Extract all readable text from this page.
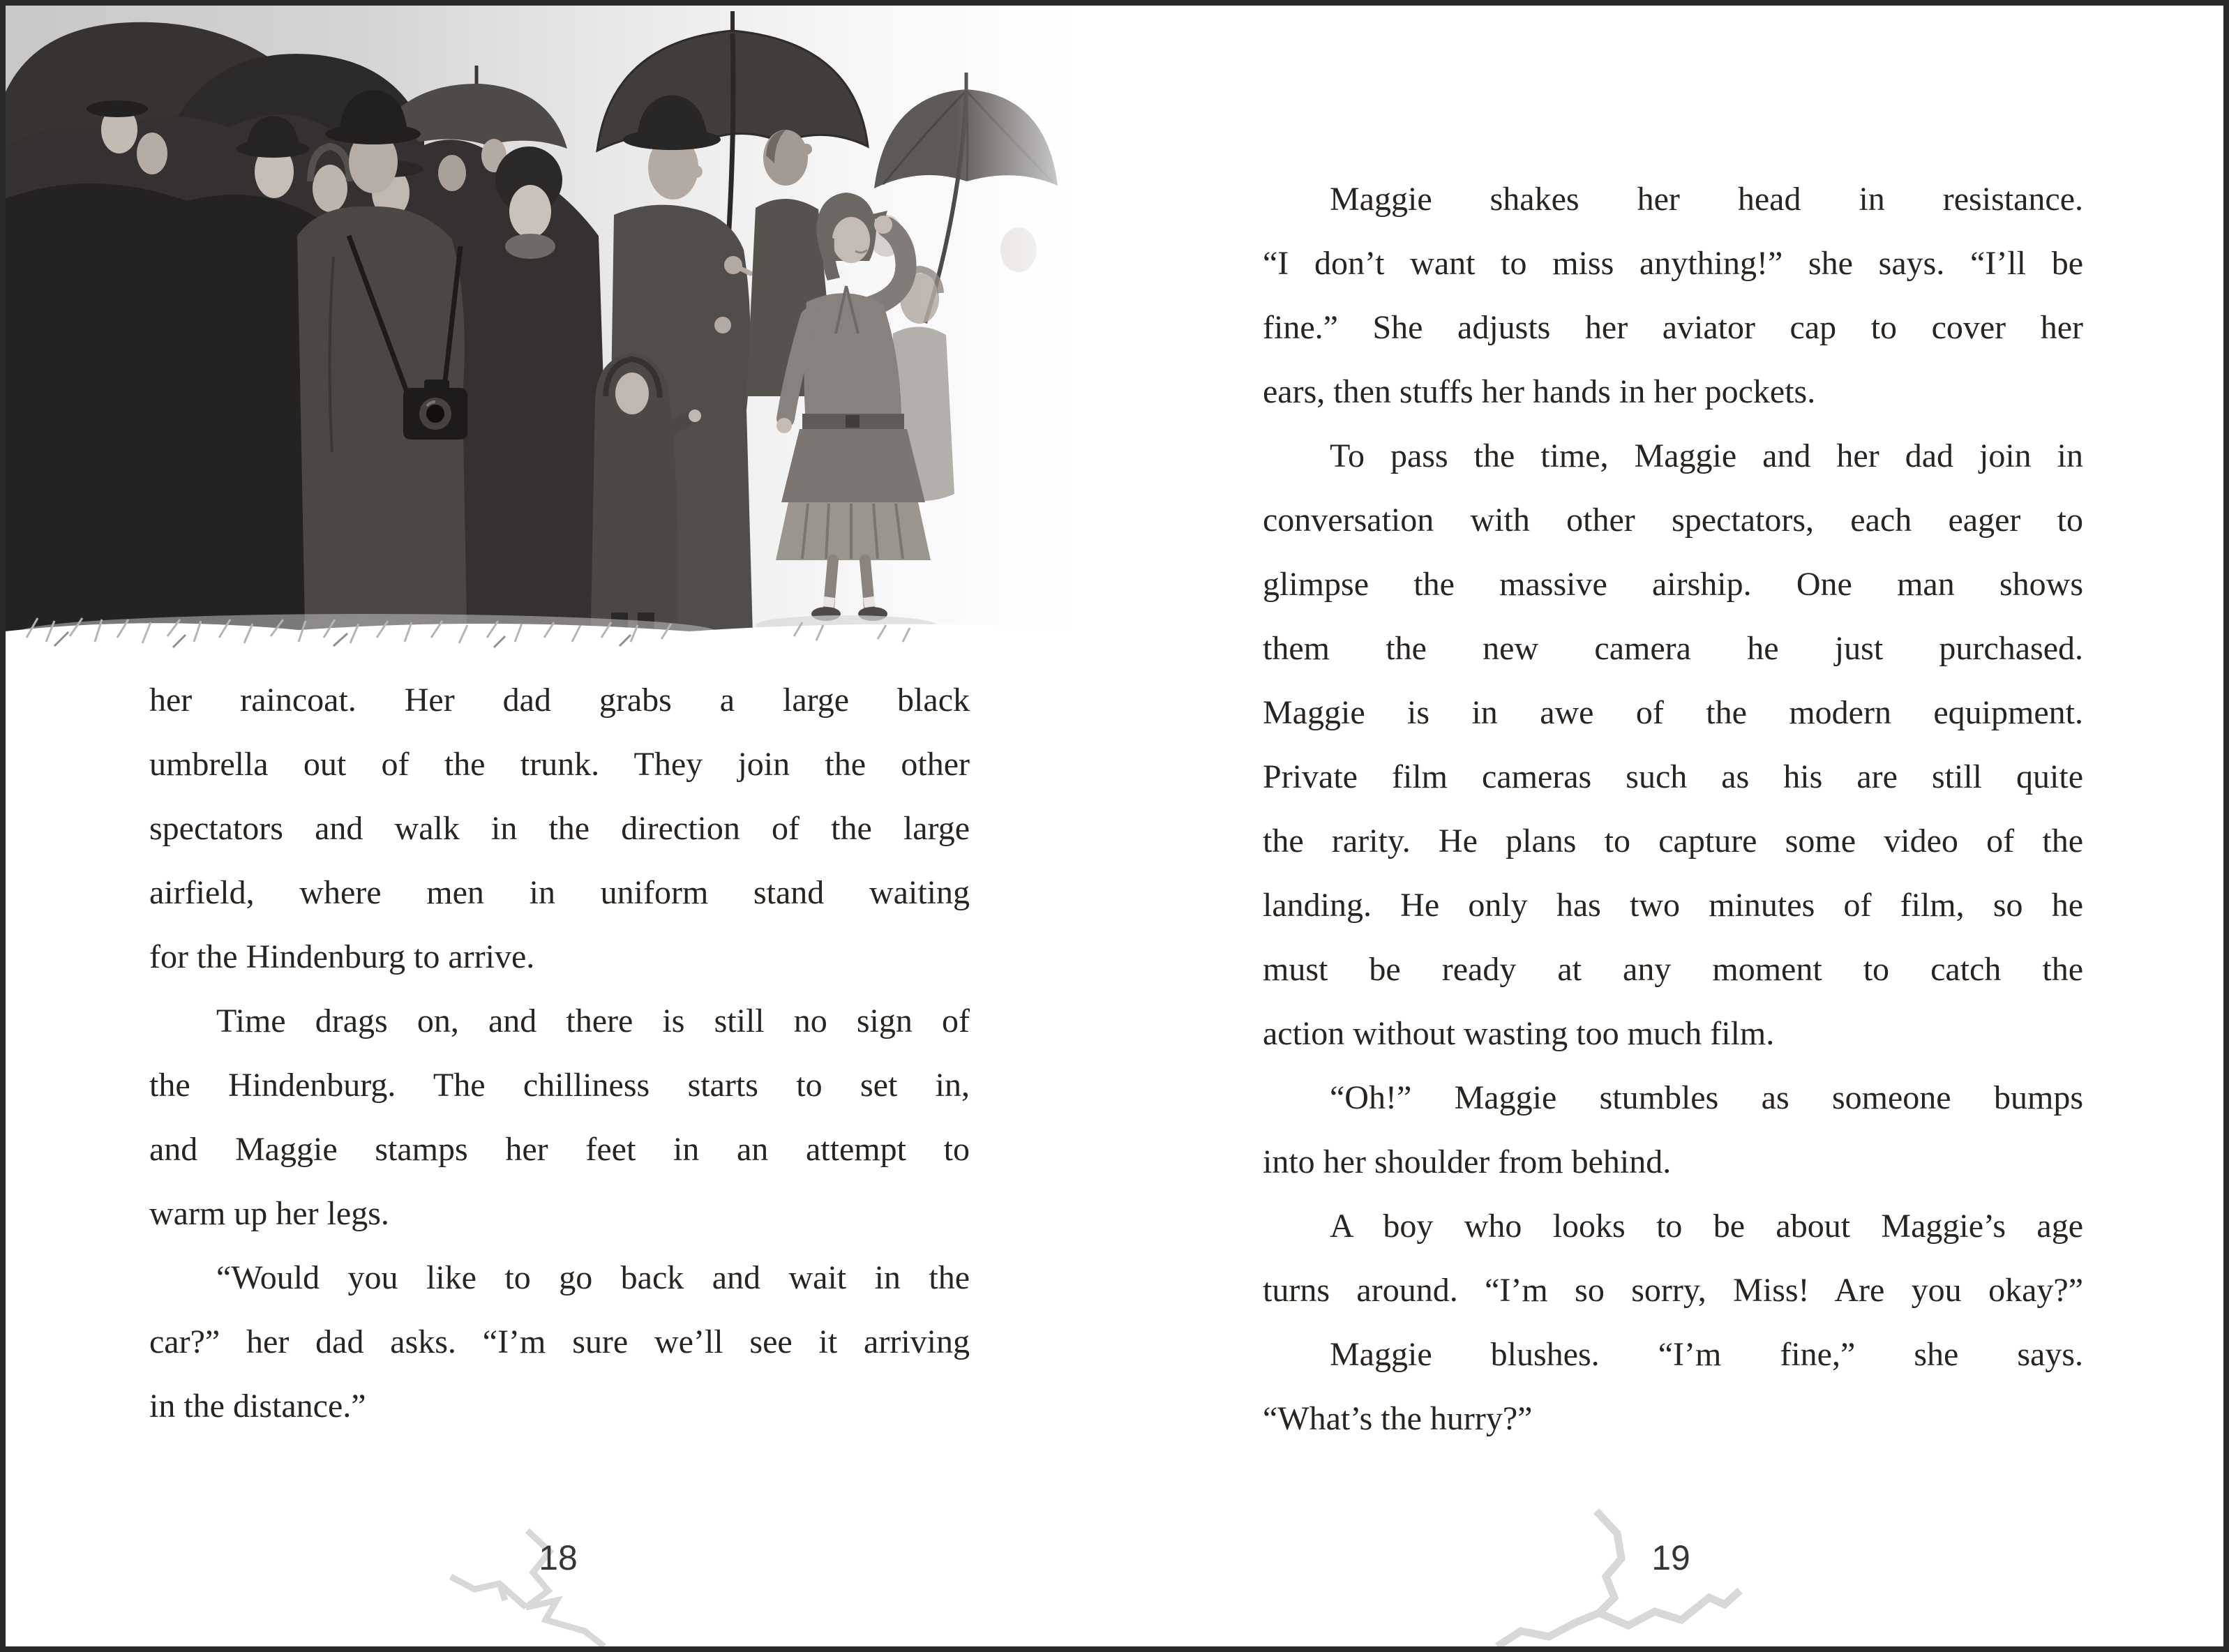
her raincoat. Her dad grabs a large black
umbrella out of the trunk. They join the other
spectators and walk in the direction of the large
airfield, where men in uniform stand waiting
for the Hindenburg to arrive.
Time drags on, and there is still no sign of
the Hindenburg. The chilliness starts to set in,
and Maggie stamps her feet in an attempt to
warm up her legs.
“Would you like to go back and wait in the
car?” her dad asks. “I’m sure we’ll see it arriving
in the distance.”
Maggie shakes her head in resistance.
“I don’t want to miss anything!” she says. “I’ll be
fine.” She adjusts her aviator cap to cover her
ears, then stuffs her hands in her pockets.
To pass the time, Maggie and her dad join in
conversation with other spectators, each eager to
glimpse the massive airship. One man shows
them the new camera he just purchased.
Maggie is in awe of the modern equipment.
Private film cameras such as his are still quite
the rarity. He plans to capture some video of the
landing. He only has two minutes of film, so he
must be ready at any moment to catch the
action without wasting too much film.
“Oh!” Maggie stumbles as someone bumps
into her shoulder from behind.
A boy who looks to be about Maggie’s age
turns around. “I’m so sorry, Miss! Are you okay?”
Maggie blushes. “I’m fine,” she says.
“What’s the hurry?”
18	19
